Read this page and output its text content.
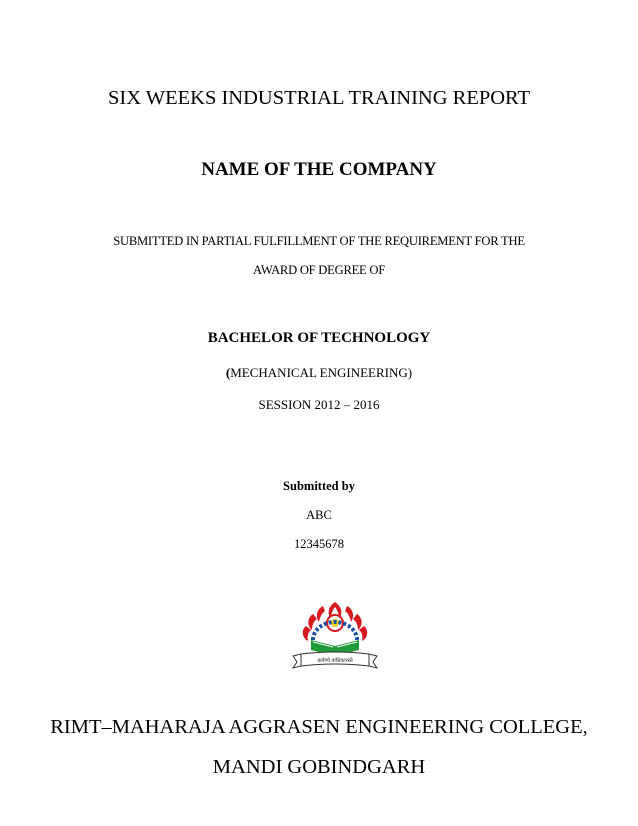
SIX WEEKS INDUSTRIAL TRAINING REPORT
NAME OF THE COMPANY
SUBMITTED IN PARTIAL FULFILLMENT OF THE REQUIREMENT FOR THE
AWARD OF DEGREE OF
BACHELOR OF TECHNOLOGY
(MECHANICAL ENGINEERING)
SESSION 2012 – 2016
Submitted by
ABC
12345678
कर्मण्ये वाधिकारस्ते
RIMT–MAHARAJA AGGRASEN ENGINEERING COLLEGE,
MANDI GOBINDGARH
